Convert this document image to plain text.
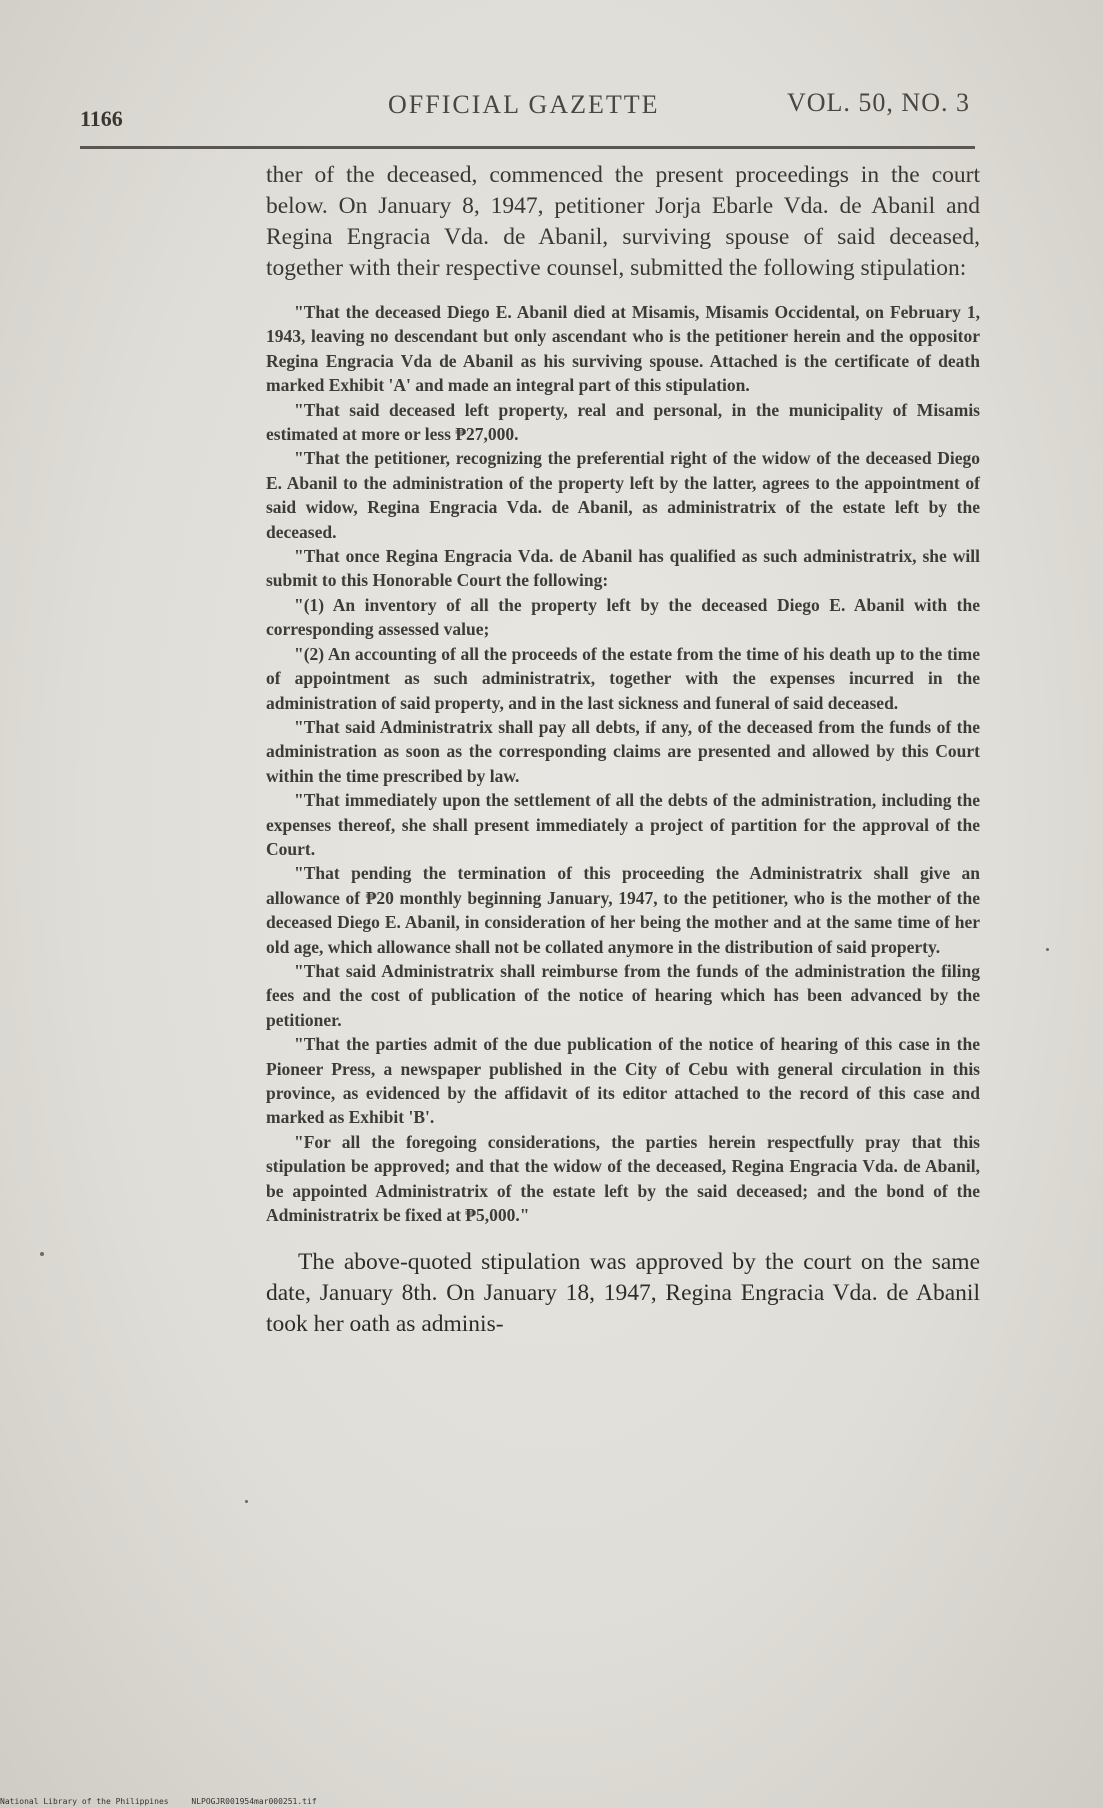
1166	OFFICIAL GAZETTE	VOL. 50, NO. 3

ther of the deceased, commenced the present proceedings in the court below. On January 8, 1947, petitioner Jorja Ebarle Vda. de Abanil and Regina Engracia Vda. de Abanil, surviving spouse of said deceased, together with their respective counsel, submitted the following stipulation:

"That the deceased Diego E. Abanil died at Misamis, Misamis Occidental, on February 1, 1943, leaving no descendant but only ascendant who is the petitioner herein and the oppositor Regina Engracia Vda de Abanil as his surviving spouse. Attached is the certificate of death marked Exhibit 'A' and made an integral part of this stipulation.

"That said deceased left property, real and personal, in the municipality of Misamis estimated at more or less ₱27,000.

"That the petitioner, recognizing the preferential right of the widow of the deceased Diego E. Abanil to the administration of the property left by the latter, agrees to the appointment of said widow, Regina Engracia Vda. de Abanil, as administratrix of the estate left by the deceased.

"That once Regina Engracia Vda. de Abanil has qualified as such administratrix, she will submit to this Honorable Court the following:

"(1) An inventory of all the property left by the deceased Diego E. Abanil with the corresponding assessed value;

"(2) An accounting of all the proceeds of the estate from the time of his death up to the time of appointment as such administratrix, together with the expenses incurred in the administration of said property, and in the last sickness and funeral of said deceased.

"That said Administratrix shall pay all debts, if any, of the deceased from the funds of the administration as soon as the corresponding claims are presented and allowed by this Court within the time prescribed by law.

"That immediately upon the settlement of all the debts of the administration, including the expenses thereof, she shall present immediately a project of partition for the approval of the Court.

"That pending the termination of this proceeding the Administratrix shall give an allowance of ₱20 monthly beginning January, 1947, to the petitioner, who is the mother of the deceased Diego E. Abanil, in consideration of her being the mother and at the same time of her old age, which allowance shall not be collated anymore in the distribution of said property.

"That said Administratrix shall reimburse from the funds of the administration the filing fees and the cost of publication of the notice of hearing which has been advanced by the petitioner.

"That the parties admit of the due publication of the notice of hearing of this case in the Pioneer Press, a newspaper published in the City of Cebu with general circulation in this province, as evidenced by the affidavit of its editor attached to the record of this case and marked as Exhibit 'B'.

"For all the foregoing considerations, the parties herein respectfully pray that this stipulation be approved; and that the widow of the deceased, Regina Engracia Vda. de Abanil, be appointed Administratrix of the estate left by the said deceased; and the bond of the Administratrix be fixed at ₱5,000."

The above-quoted stipulation was approved by the court on the same date, January 8th. On January 18, 1947, Regina Engracia Vda. de Abanil took her oath as adminis-

National Library of the Philippines	NLPOGJR001954mar000251.tif
